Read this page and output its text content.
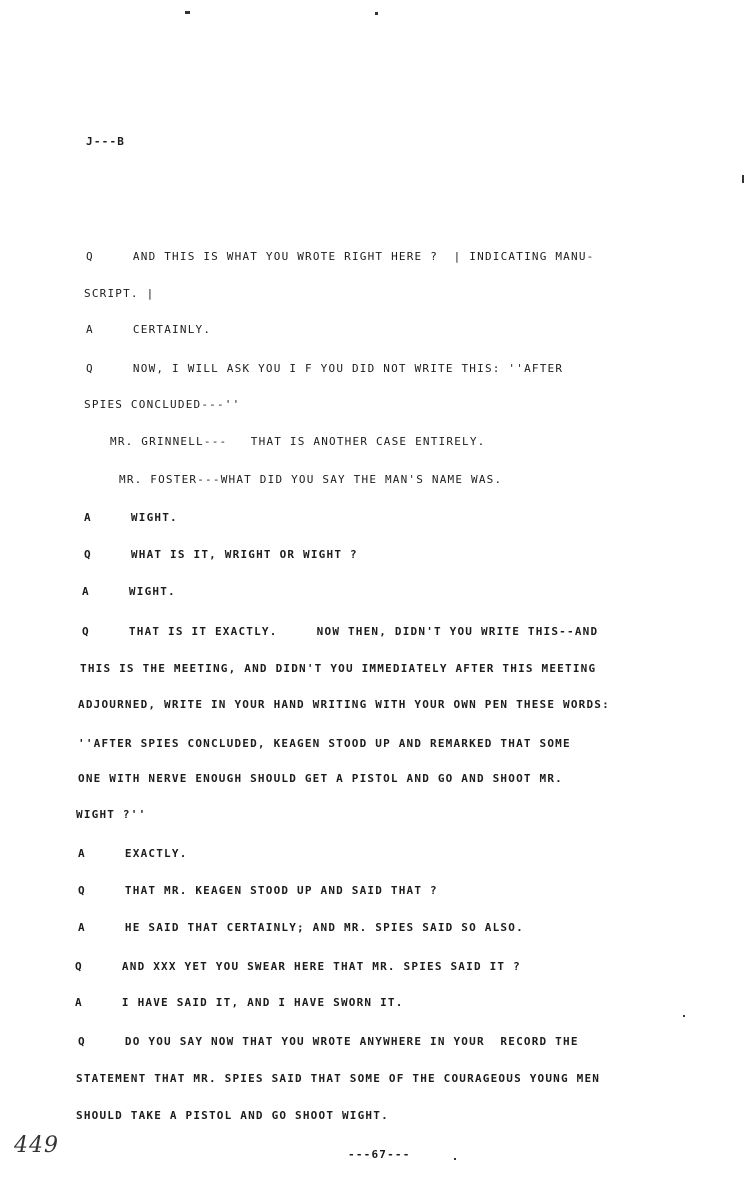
J---B
Q     AND THIS IS WHAT YOU WROTE RIGHT HERE ?  | INDICATING MANU-
SCRIPT. |
A     CERTAINLY.
Q     NOW, I WILL ASK YOU I F YOU DID NOT WRITE THIS: ''AFTER
SPIES CONCLUDED---''
MR. GRINNELL---   THAT IS ANOTHER CASE ENTIRELY.
MR. FOSTER---WHAT DID YOU SAY THE MAN'S NAME WAS.
A     WIGHT.
Q     WHAT IS IT, WRIGHT OR WIGHT ?
A     WIGHT.
Q     THAT IS IT EXACTLY.     NOW THEN, DIDN'T YOU WRITE THIS--AND
THIS IS THE MEETING, AND DIDN'T YOU IMMEDIATELY AFTER THIS MEETING
ADJOURNED, WRITE IN YOUR HAND WRITING WITH YOUR OWN PEN THESE WORDS:
''AFTER SPIES CONCLUDED, KEAGEN STOOD UP AND REMARKED THAT SOME
ONE WITH NERVE ENOUGH SHOULD GET A PISTOL AND GO AND SHOOT MR.
WIGHT ?''
A     EXACTLY.
Q     THAT MR. KEAGEN STOOD UP AND SAID THAT ?
A     HE SAID THAT CERTAINLY; AND MR. SPIES SAID SO ALSO.
Q     AND XXX YET YOU SWEAR HERE THAT MR. SPIES SAID IT ?
A     I HAVE SAID IT, AND I HAVE SWORN IT.
Q     DO YOU SAY NOW THAT YOU WROTE ANYWHERE IN YOUR  RECORD THE
STATEMENT THAT MR. SPIES SAID THAT SOME OF THE COURAGEOUS YOUNG MEN
SHOULD TAKE A PISTOL AND GO SHOOT WIGHT.
---67---
449
